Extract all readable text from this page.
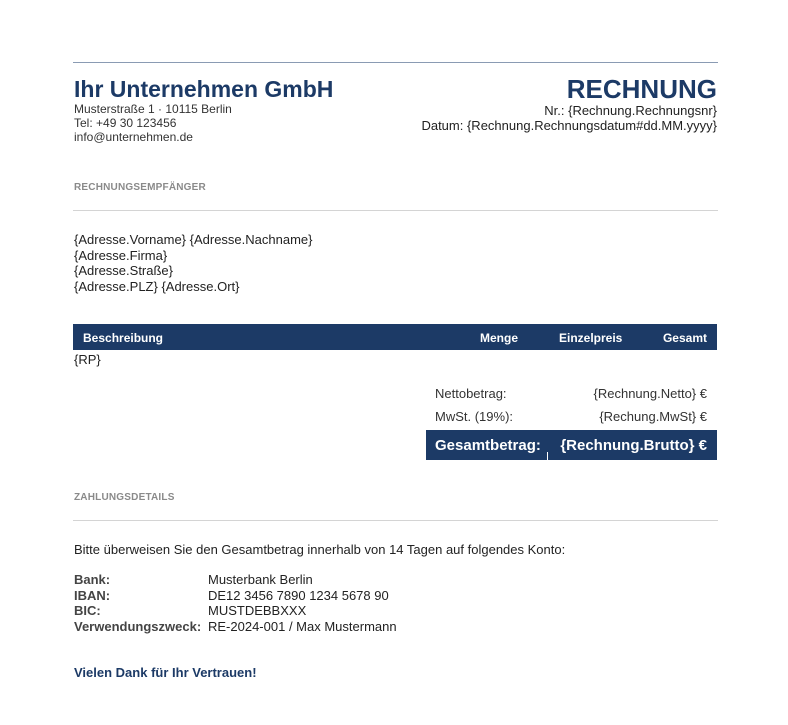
Ihr Unternehmen GmbH
Musterstraße 1 · 10115 Berlin
Tel: +49 30 123456
info@unternehmen.de
RECHNUNG
Nr.: {Rechnung.Rechnungsnr}
Datum: {Rechnung.Rechnungsdatum#dd.MM.yyyy}
RECHNUNGSEMPFÄNGER
{Adresse.Vorname} {Adresse.Nachname}
{Adresse.Firma}
{Adresse.Straße}
{Adresse.PLZ} {Adresse.Ort}
Beschreibung	Menge	Einzelpreis	Gesamt
{RP}
Nettobetrag:	{Rechnung.Netto} €
MwSt. (19%):	{Rechung.MwSt} €
Gesamtbetrag: {Rechnung.Brutto} €
ZAHLUNGSDETAILS
Bitte überweisen Sie den Gesamtbetrag innerhalb von 14 Tagen auf folgendes Konto:
Bank:	Musterbank Berlin
IBAN:	DE12 3456 7890 1234 5678 90
BIC:	MUSTDEBBXXX
Verwendungszweck: RE-2024-001 / Max Mustermann
Vielen Dank für Ihr Vertrauen!
